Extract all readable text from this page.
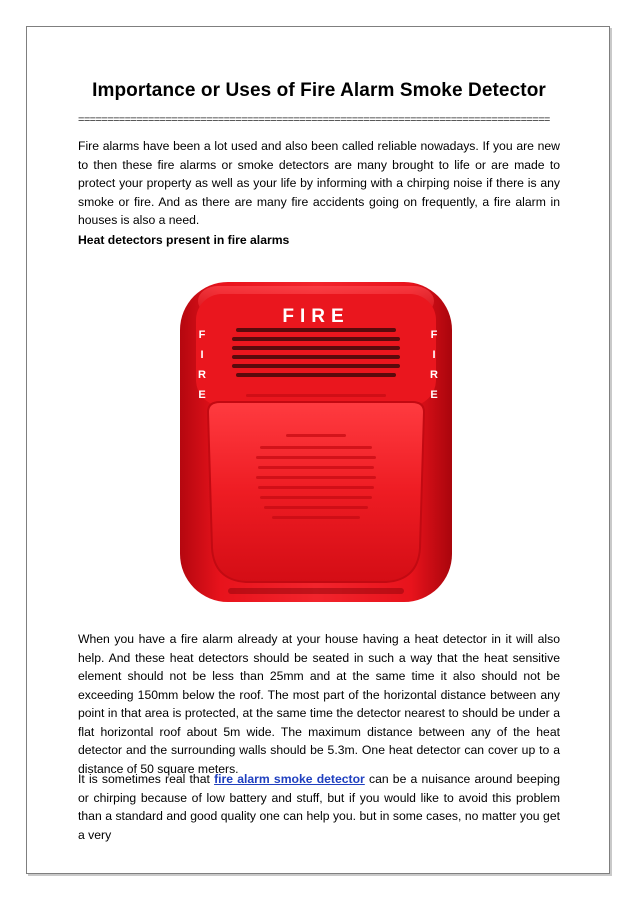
Importance or Uses of Fire Alarm Smoke Detector
=================================================================================

Fire alarms have been a lot used and also been called reliable nowadays. If you are new to then these fire alarms or smoke detectors are many brought to life or are made to protect your property as well as your life by informing with a chirping noise if there is any smoke or fire. And as there are many fire accidents going on frequently, a fire alarm in houses is also a need.

Heat detectors present in fire alarms
F
I
R
E
F
I
R
E
FIRE

When you have a fire alarm already at your house having a heat detector in it will also help. And these heat detectors should be seated in such a way that the heat sensitive element should not be less than 25mm and at the same time it also should not be exceeding 150mm below the roof. The most part of the horizontal distance between any point in that area is protected, at the same time the detector nearest to should be under a flat horizontal roof about 5m wide. The maximum distance between any of the heat detector and the surrounding walls should be 5.3m. One heat detector can cover up to a distance of 50 square meters.

It is sometimes real that fire alarm smoke detector can be a nuisance around beeping or chirping because of low battery and stuff, but if you would like to avoid this problem than a standard and good quality one can help you. but in some cases, no matter you get a very
